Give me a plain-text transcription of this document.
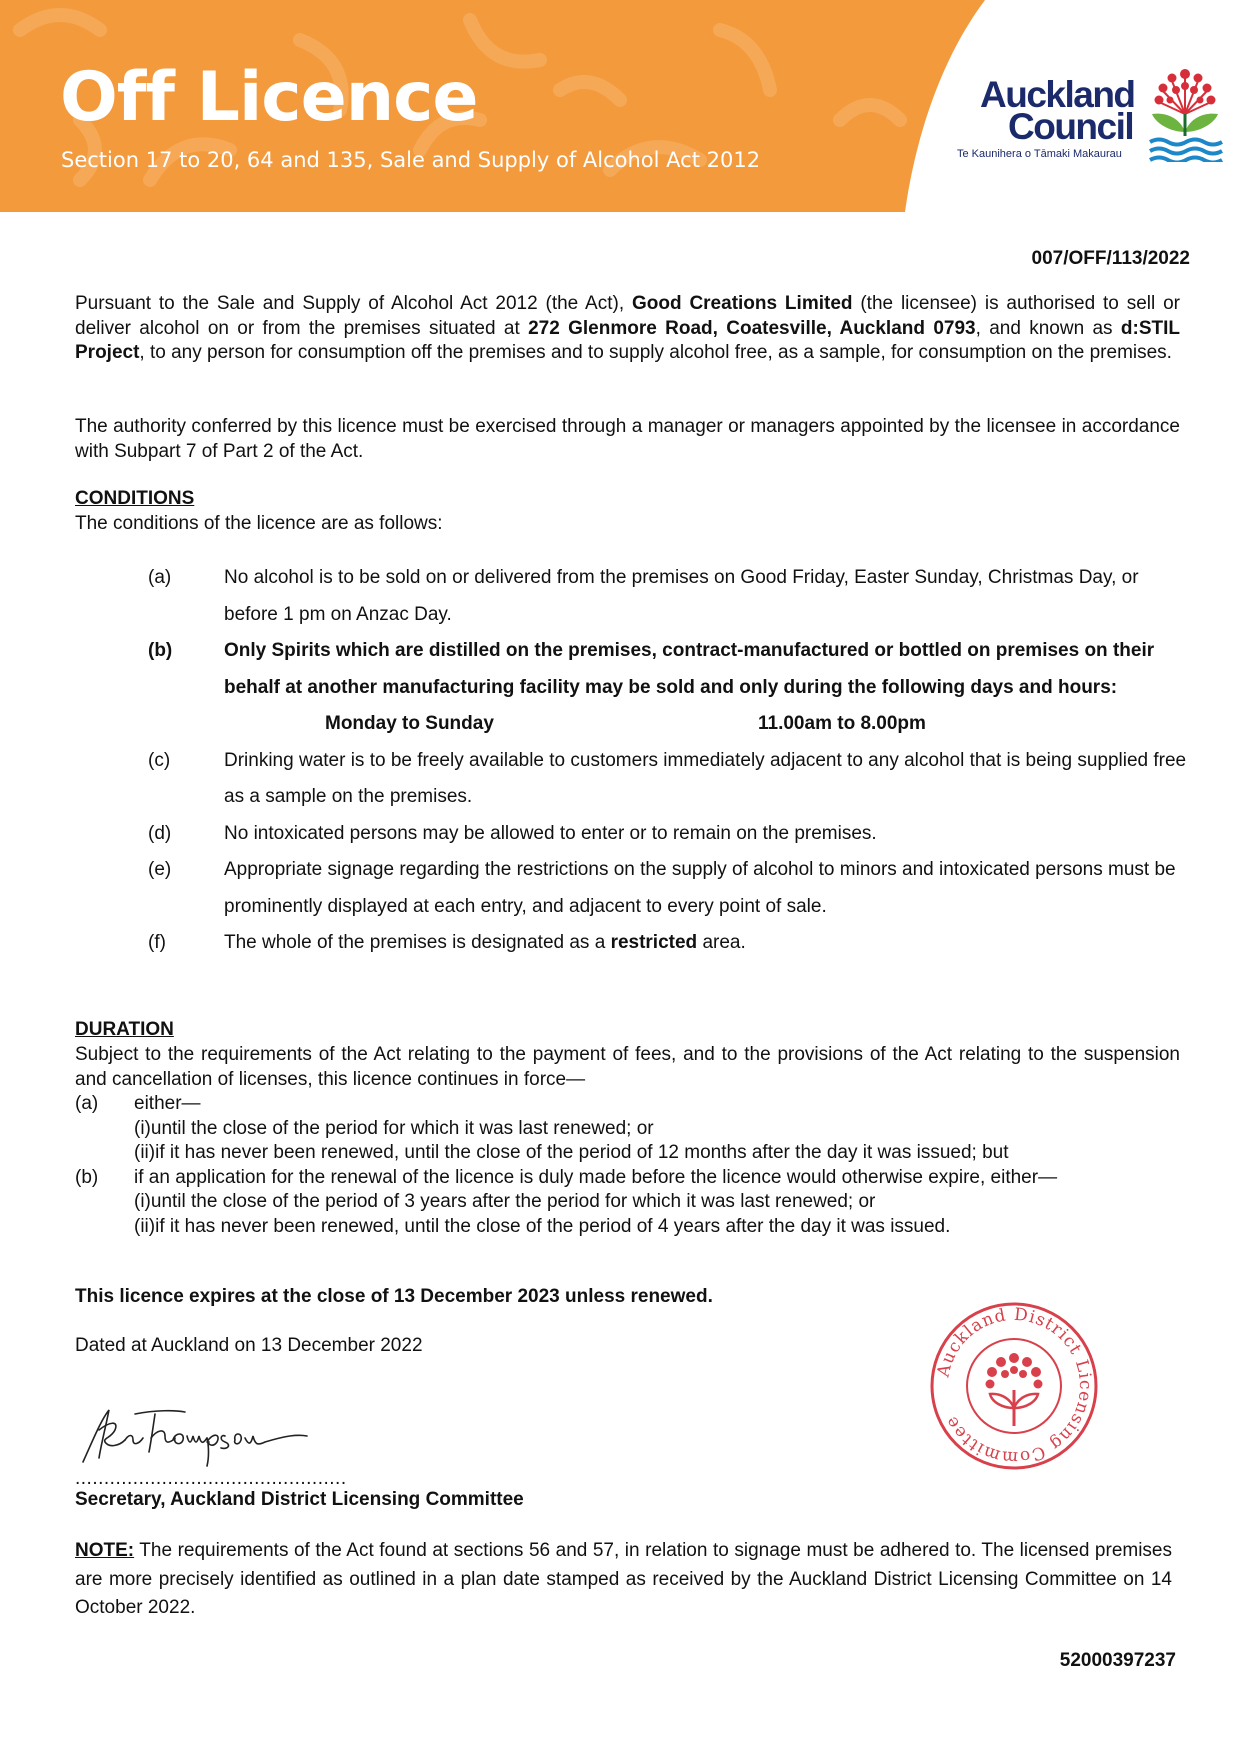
Off Licence
Section 17 to 20, 64 and 135, Sale and Supply of Alcohol Act 2012
Auckland
Council
Te Kaunihera o Tāmaki Makaurau
007/OFF/113/2022
Pursuant to the Sale and Supply of Alcohol Act 2012 (the Act), Good Creations Limited (the licensee) is authorised to sell or deliver alcohol on or from the premises situated at 272 Glenmore Road, Coatesville, Auckland 0793, and known as d:STIL Project, to any person for consumption off the premises and to supply alcohol free, as a sample, for consumption on the premises.
The authority conferred by this licence must be exercised through a manager or managers appointed by the licensee in accordance with Subpart 7 of Part 2 of the Act.
CONDITIONS
The conditions of the licence are as follows:
(a)	No alcohol is to be sold on or delivered from the premises on Good Friday, Easter Sunday, Christmas Day, or before 1 pm on Anzac Day.
(b)	Only Spirits which are distilled on the premises, contract-manufactured or bottled on premises on their behalf at another manufacturing facility may be sold and only during the following days and hours:
Monday to Sunday	11.00am to 8.00pm
(c)	Drinking water is to be freely available to customers immediately adjacent to any alcohol that is being supplied free as a sample on the premises.
(d)	No intoxicated persons may be allowed to enter or to remain on the premises.
(e)	Appropriate signage regarding the restrictions on the supply of alcohol to minors and intoxicated persons must be prominently displayed at each entry, and adjacent to every point of sale.
(f)	The whole of the premises is designated as a restricted area.
DURATION
Subject to the requirements of the Act relating to the payment of fees, and to the provisions of the Act relating to the suspension and cancellation of licenses, this licence continues in force—
(a)	either—
(i) until the close of the period for which it was last renewed; or
(ii) if it has never been renewed, until the close of the period of 12 months after the day it was issued; but
(b)	if an application for the renewal of the licence is duly made before the licence would otherwise expire, either—
(i) until the close of the period of 3 years after the period for which it was last renewed; or
(ii) if it has never been renewed, until the close of the period of 4 years after the day it was issued.
This licence expires at the close of 13 December 2023 unless renewed.
Dated at Auckland on 13 December 2022
Auckland District Licensing Committee
...............................................
Secretary, Auckland District Licensing Committee
NOTE: The requirements of the Act found at sections 56 and 57, in relation to signage must be adhered to. The licensed premises are more precisely identified as outlined in a plan date stamped as received by the Auckland District Licensing Committee on 14 October 2022.
52000397237
